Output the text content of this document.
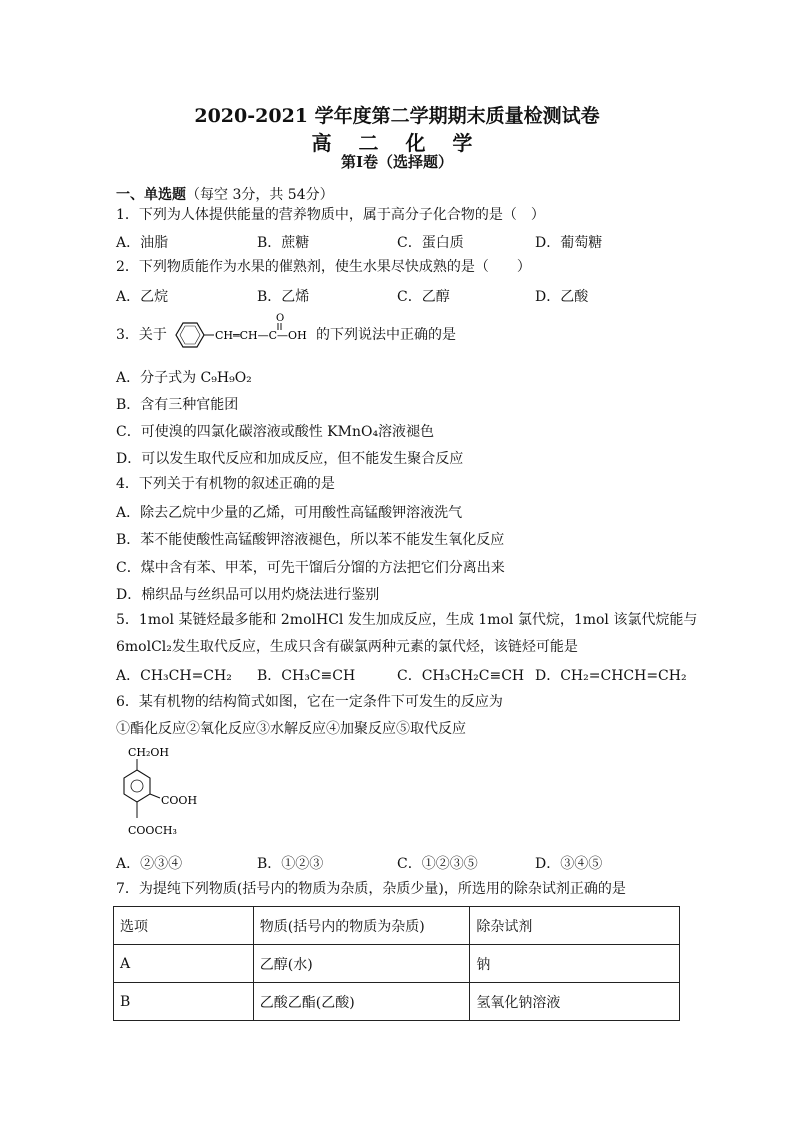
2020-2021 学年度第二学期期末质量检测试卷
高 二 化 学
第Ⅰ卷（选择题）
一、单选题（每空 3分，共 54分）
1．下列为人体提供能量的营养物质中，属于高分子化合物的是（　）
A．油脂	B．蔗糖	C．蛋白质	D．葡萄糖
2．下列物质能作为水果的催熟剂，使生水果尽快成熟的是（　　）
A．乙烷	B．乙烯	C．乙醇	D．乙酸
3．关于	CH═CH—C—OH
O
的下列说法中正确的是
A．分子式为 C₉H₉O₂
B．含有三种官能团
C．可使溴的四氯化碳溶液或酸性 KMnO₄溶液褪色
D．可以发生取代反应和加成反应，但不能发生聚合反应
4．下列关于有机物的叙述正确的是
A．除去乙烷中少量的乙烯，可用酸性高锰酸钾溶液洗气
B．苯不能使酸性高锰酸钾溶液褪色，所以苯不能发生氧化反应
C．煤中含有苯、甲苯，可先干馏后分馏的方法把它们分离出来
D．棉织品与丝织品可以用灼烧法进行鉴别
5．1mol 某链烃最多能和 2molHCl 发生加成反应，生成 1mol 氯代烷，1mol 该氯代烷能与
6molCl₂发生取代反应，生成只含有碳氯两种元素的氯代烃，该链烃可能是
A．CH₃CH=CH₂ B．CH₃C≡CH	C．CH₃CH₂C≡CH D．CH₂=CHCH=CH₂
6．某有机物的结构简式如图，它在一定条件下可发生的反应为
①酯化反应②氧化反应③水解反应④加聚反应⑤取代反应
CH₂OH
COOH
COOCH₃
A．②③④	B．①②③	C．①②③⑤	D．③④⑤
7．为提纯下列物质(括号内的物质为杂质，杂质少量)，所选用的除杂试剂正确的是
选项	物质(括号内的物质为杂质)	除杂试剂
A	乙醇(水)	钠
B	乙酸乙酯(乙酸)	氢氧化钠溶液
